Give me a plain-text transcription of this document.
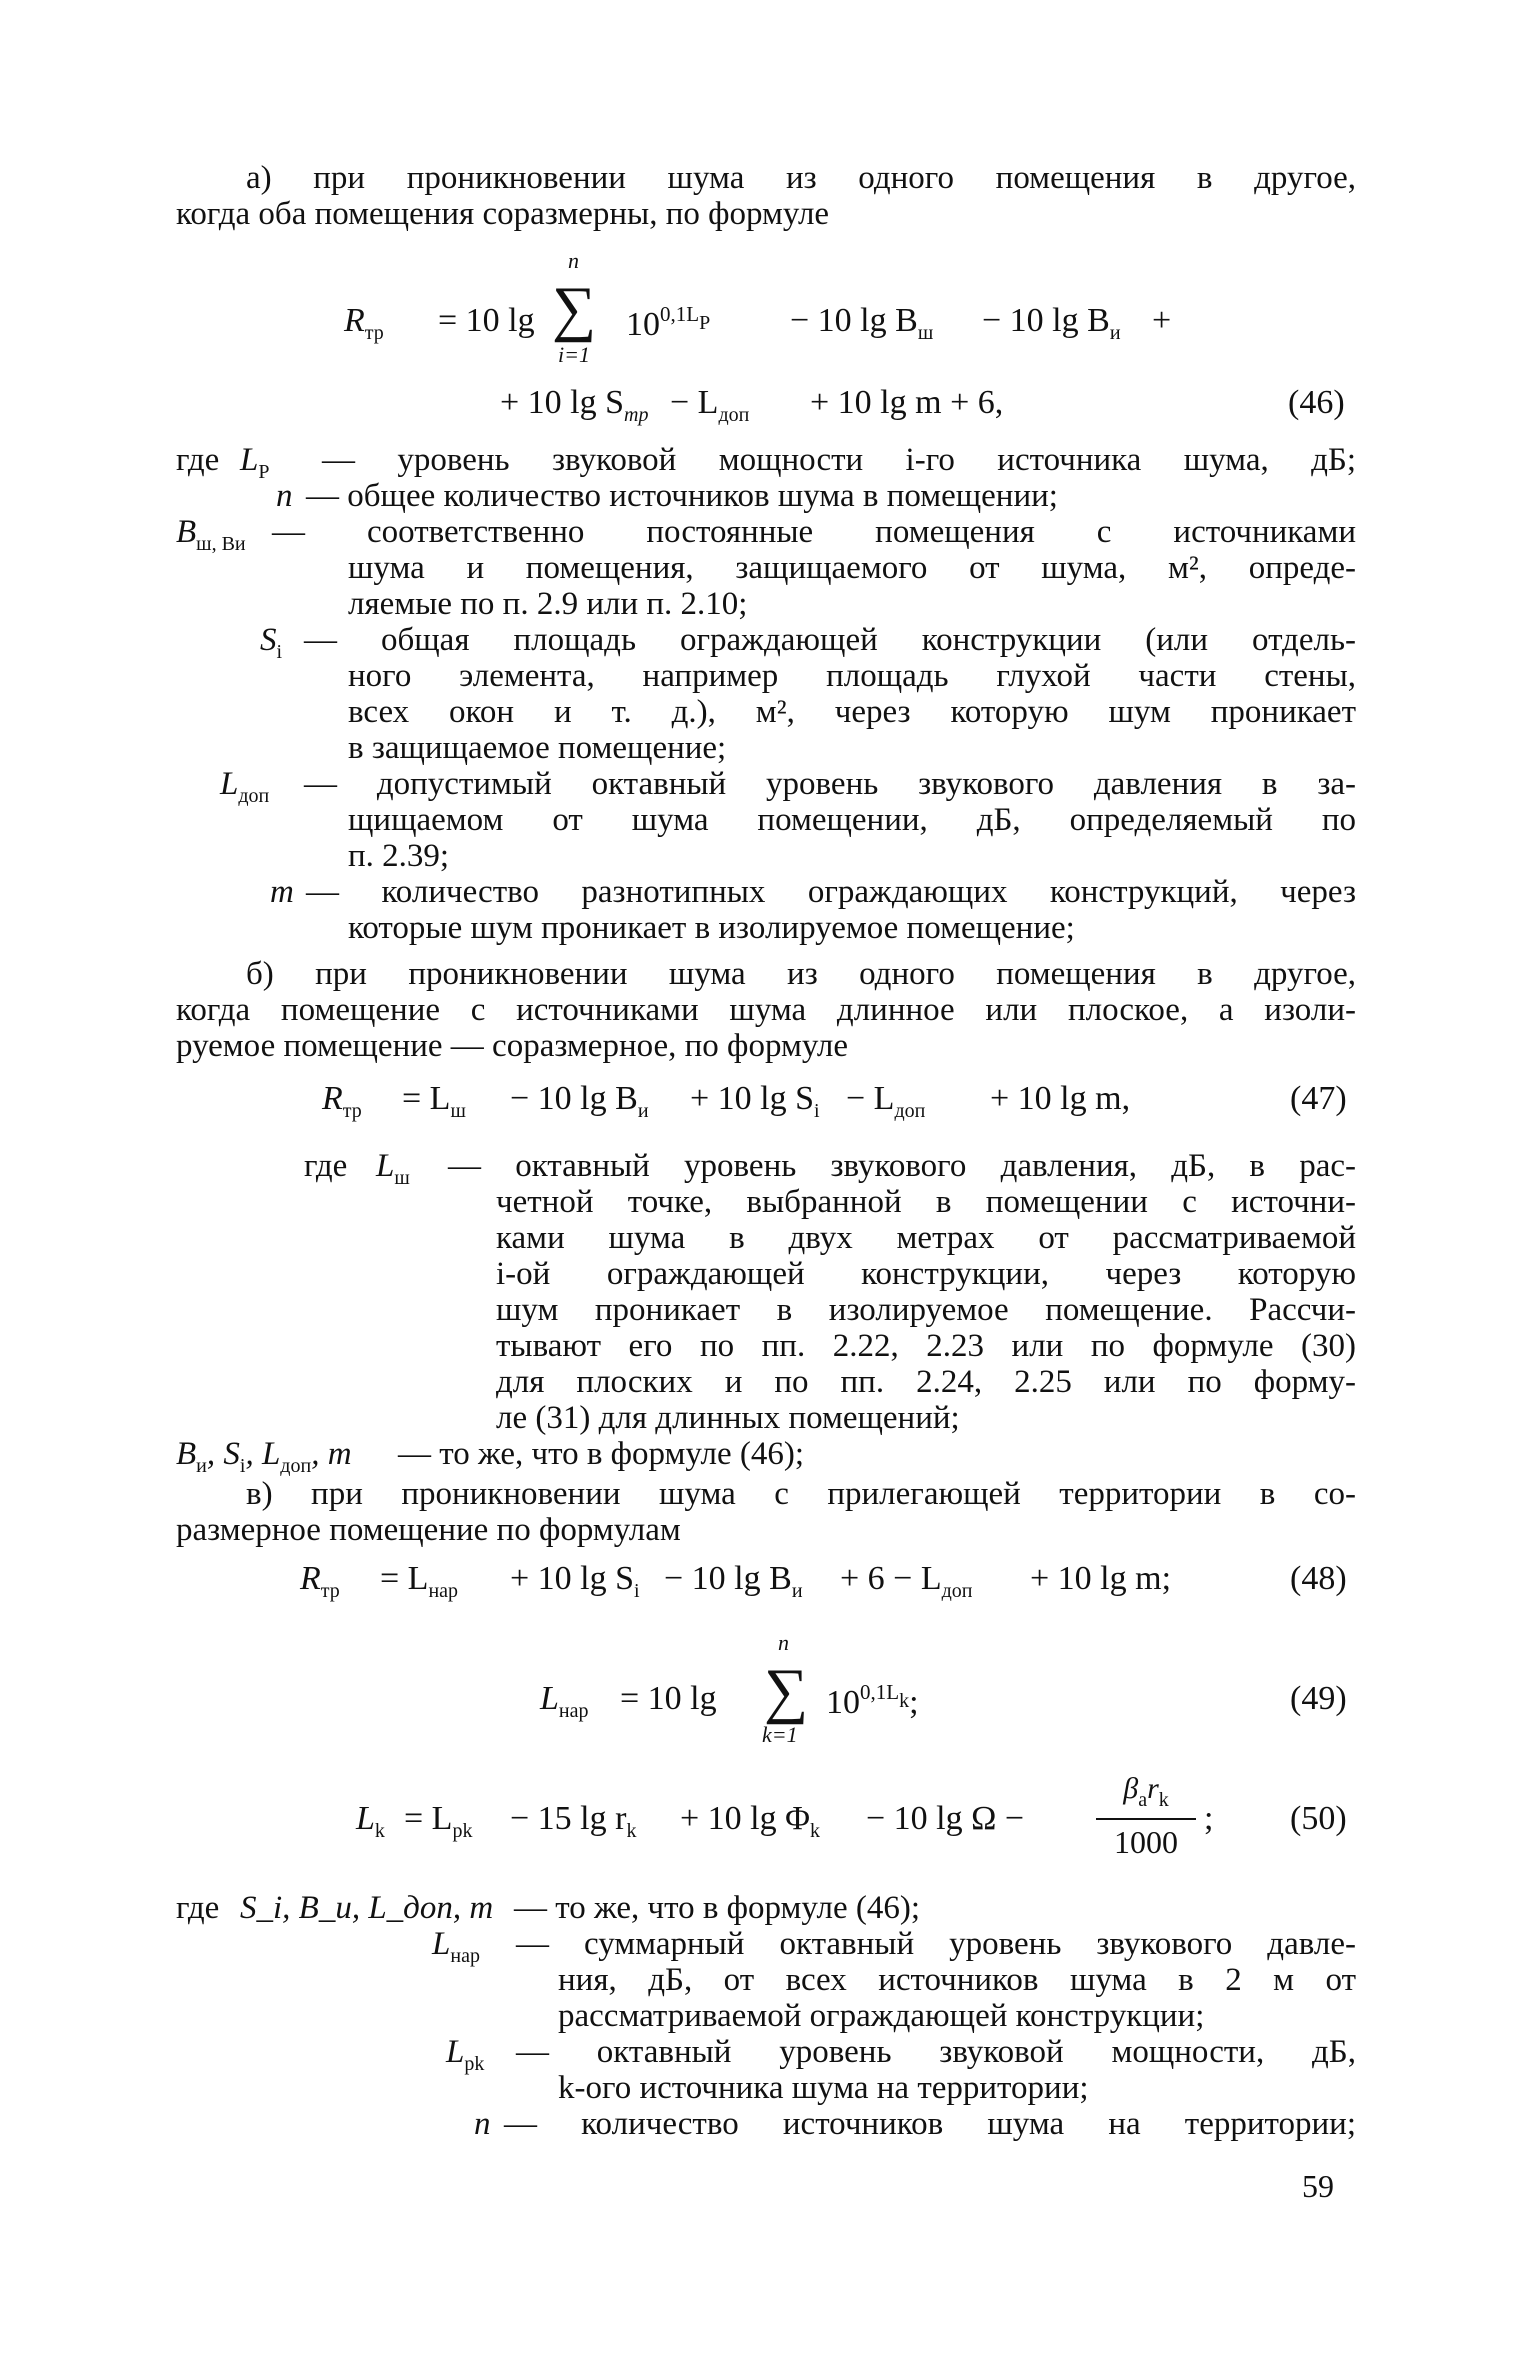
а) при проникновении шума из одного помещения в другое,
когда оба помещения соразмерны, по формуле
$R_{тр} = 10$ lg
n
∑
i=1
$10^{0,1L_P} - 10$ $\lg B_ш - 10$ $\lg B_и$ +
+ 10 $\lg S_{тр} - L_{доп} + 10$ lg m + 6,	(46)
где $L_P$ — уровень звуковой мощности i-го источника шума, дБ;
n — общее количество источников шума в помещении;
$B_{ш, Bи}$ — соответственно постоянные помещения с источниками
шума и помещения, защищаемого от шума, м², опреде-
ляемые по п. 2.9 или п. 2.10;
$S_i$ — общая площадь ограждающей конструкции (или отдель-
ного элемента, например площадь глухой части стены,
всех окон и т. д.), м², через которую шум проникает
в защищаемое помещение;
$L_{доп}$ — допустимый октавный уровень звукового давления в за-
щищаемом от шума помещении, дБ, определяемый по
п. 2.39;
m — количество разнотипных ограждающих конструкций, через
которые шум проникает в изолируемое помещение;
б) при проникновении шума из одного помещения в другое,
когда помещение с источниками шума длинное или плоское, а изоли-
руемое помещение — соразмерное, по формуле
$R_{тр} = L_ш - 10$ $\lg B_и + 10$ $\lg S_i - L_{доп} + 10$ lg m,	(47)
где $L_ш$ — октавный уровень звукового давления, дБ, в рас-
четной точке, выбранной в помещении с источни-
ками шума в двух метрах от рассматриваемой
i-ой ограждающей конструкции, через которую
шум проникает в изолируемое помещение. Рассчи-
тывают его по пп. 2.22, 2.23 или по формуле (30)
для плоских и по пп. 2.24, 2.25 или по форму-
ле (31) для длинных помещений;
$B_и$, $S_i$, $L_{доп}$, m — то же, что в формуле (46);
в) при проникновении шума с прилегающей территории в со-
размерное помещение по формулам
$R_{тр} = L_{нар} + 10$ $\lg S_i - 10$ $\lg B_и + 6 - L_{доп} + 10$ lg m;	(48)
$L_{нар} = 10$ lg
n
∑
k=1
$10^{0,1L_k}$;	(49)
$L_k = L_{pk} - 15$ $\lg r_k + 10$ $\lg \Phi_k - 10$ lg Ω −
$\beta_ar_k$
1000
; (50)
где S_i, B_и, L_доп, m — то же, что в формуле (46);
$L_{нар}$ — суммарный октавный уровень звукового давле-
ния, дБ, от всех источников шума в 2 м от
рассматриваемой ограждающей конструкции;
$L_{pk}$ — октавный уровень звуковой мощности, дБ,
k-ого источника шума на территории;
n — количество источников шума на территории;
59
